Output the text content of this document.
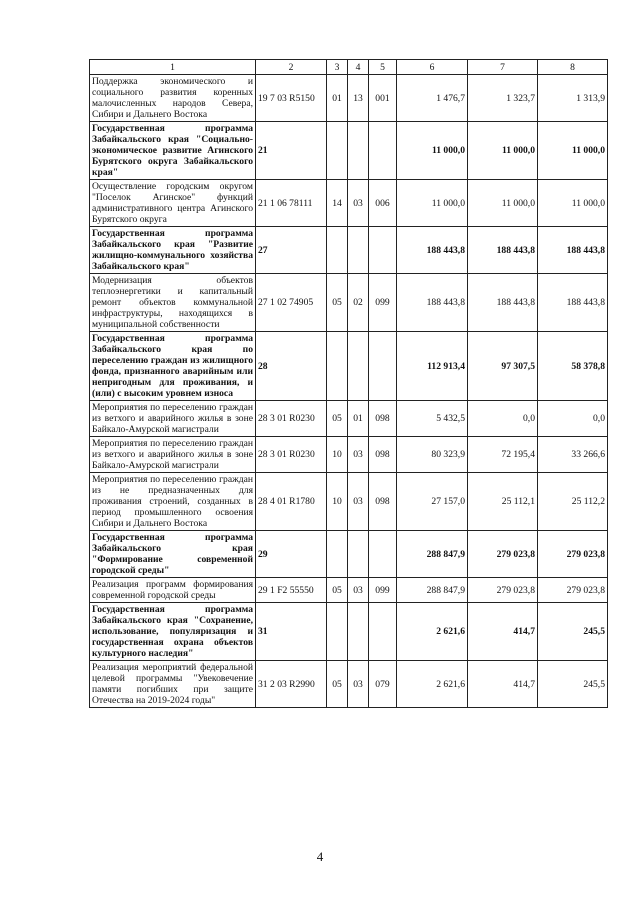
1	2	3	4	5	6	7	8
Поддержка экономического и социального развития коренных малочисленных народов Севера, Сибири и Дальнего Востока	19 7 03 R5150	01	13	001	1 476,7	1 323,7	1 313,9
Государственная программа Забайкальского края "Социально-экономическое развитие Агинского Бурятского округа Забайкальского края"	21				11 000,0	11 000,0	11 000,0
Осуществление городским округом "Поселок Агинское" функций административного центра Агинского Бурятского округа	21 1 06 78111	14	03	006	11 000,0	11 000,0	11 000,0
Государственная программа Забайкальского края "Развитие жилищно-коммунального хозяйства Забайкальского края"	27				188 443,8	188 443,8	188 443,8
Модернизация объектов теплоэнергетики и капитальный ремонт объектов коммунальной инфраструктуры, находящихся в муниципальной собственности	27 1 02 74905	05	02	099	188 443,8	188 443,8	188 443,8
Государственная программа Забайкальского края по переселению граждан из жилищного фонда, признанного аварийным или непригодным для проживания, и (или) с высоким уровнем износа	28				112 913,4	97 307,5	58 378,8
Мероприятия по переселению граждан из ветхого и аварийного жилья в зоне Байкало-Амурской магистрали	28 3 01 R0230	05	01	098	5 432,5	0,0	0,0
Мероприятия по переселению граждан из ветхого и аварийного жилья в зоне Байкало-Амурской магистрали	28 3 01 R0230	10	03	098	80 323,9	72 195,4	33 266,6
Мероприятия по переселению граждан из не предназначенных для проживания строений, созданных в период промышленного освоения Сибири и Дальнего Востока	28 4 01 R1780	10	03	098	27 157,0	25 112,1	25 112,2
Государственная программа Забайкальского края "Формирование современной городской среды"	29				288 847,9	279 023,8	279 023,8
Реализация программ формирования современной городской среды	29 1 F2 55550	05	03	099	288 847,9	279 023,8	279 023,8
Государственная программа Забайкальского края "Сохранение, использование, популяризация и государственная охрана объектов культурного наследия"	31				2 621,6	414,7	245,5
Реализация мероприятий федеральной целевой программы "Увековечение памяти погибших при защите Отечества на 2019-2024 годы"	31 2 03 R2990	05	03	079	2 621,6	414,7	245,5
4
